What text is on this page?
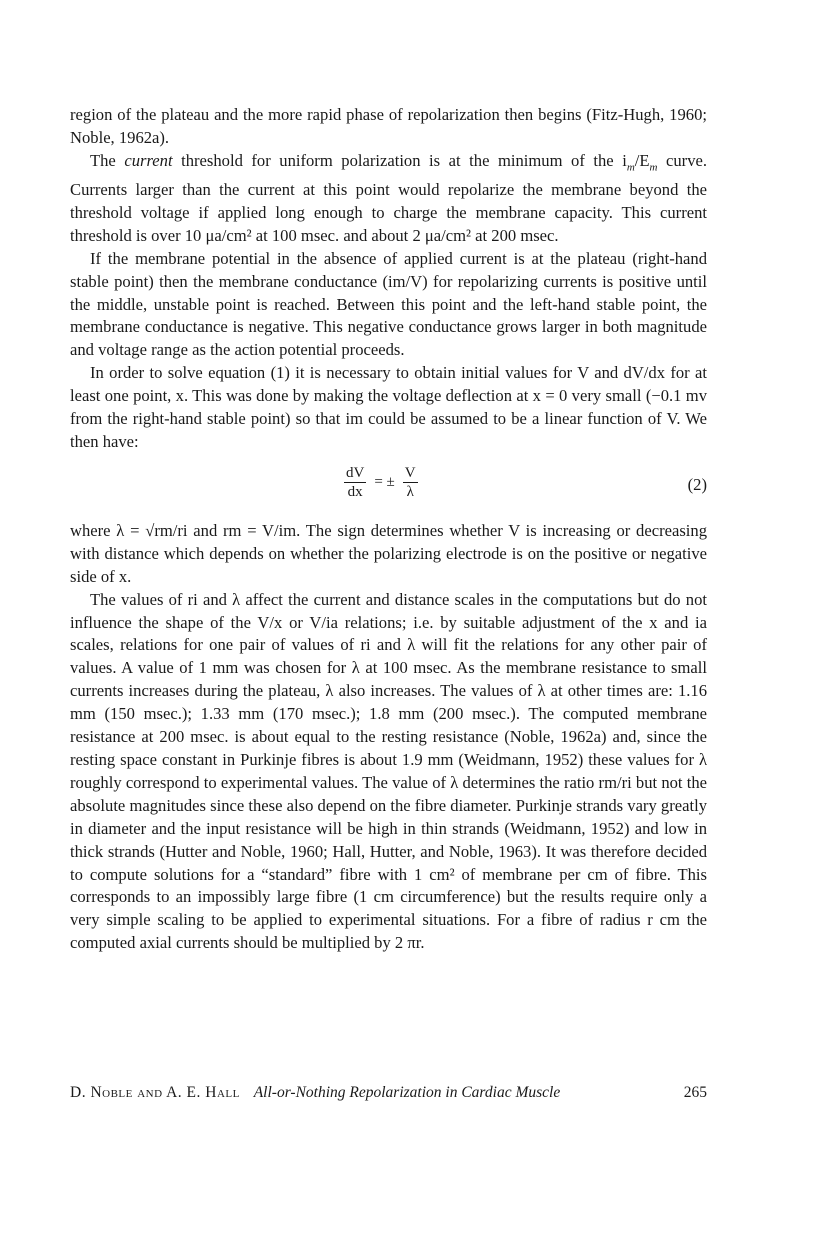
region of the plateau and the more rapid phase of repolarization then begins (Fitz-Hugh, 1960; Noble, 1962a).

The current threshold for uniform polarization is at the minimum of the $i_m/E_m$ curve. Currents larger than the current at this point would repolarize the membrane beyond the threshold voltage if applied long enough to charge the membrane capacity. This current threshold is over 10 μa/cm² at 100 msec. and about 2 μa/cm² at 200 msec.

If the membrane potential in the absence of applied current is at the plateau (right-hand stable point) then the membrane conductance (im/V) for repolarizing currents is positive until the middle, unstable point is reached. Between this point and the left-hand stable point, the membrane conductance is negative. This negative conductance grows larger in both magnitude and voltage range as the action potential proceeds.

In order to solve equation (1) it is necessary to obtain initial values for V and dV/dx for at least one point, x. This was done by making the voltage deflection at x = 0 very small (−0.1 mv from the right-hand stable point) so that im could be assumed to be a linear function of V. We then have:

$\frac{dV}{dx}$ = ± $\frac{V}{\lambda}$	(2)

where λ = √rm/ri and rm = V/im. The sign determines whether V is increasing or decreasing with distance which depends on whether the polarizing electrode is on the positive or negative side of x.

The values of ri and λ affect the current and distance scales in the computations but do not influence the shape of the V/x or V/ia relations; i.e. by suitable adjustment of the x and ia scales, relations for one pair of values of ri and λ will fit the relations for any other pair of values. A value of 1 mm was chosen for λ at 100 msec. As the membrane resistance to small currents increases during the plateau, λ also increases. The values of λ at other times are: 1.16 mm (150 msec.); 1.33 mm (170 msec.); 1.8 mm (200 msec.). The computed membrane resistance at 200 msec. is about equal to the resting resistance (Noble, 1962a) and, since the resting space constant in Purkinje fibres is about 1.9 mm (Weidmann, 1952) these values for λ roughly correspond to experimental values. The value of λ determines the ratio rm/ri but not the absolute magnitudes since these also depend on the fibre diameter. Purkinje strands vary greatly in diameter and the input resistance will be high in thin strands (Weidmann, 1952) and low in thick strands (Hutter and Noble, 1960; Hall, Hutter, and Noble, 1963). It was therefore decided to compute solutions for a “standard” fibre with 1 cm² of membrane per cm of fibre. This corresponds to an impossibly large fibre (1 cm circumference) but the results require only a very simple scaling to be applied to experimental situations. For a fibre of radius r cm the computed axial currents should be multiplied by 2 πr.

D. Noble and A. E. Hall All-or-Nothing Repolarization in Cardiac Muscle	265
